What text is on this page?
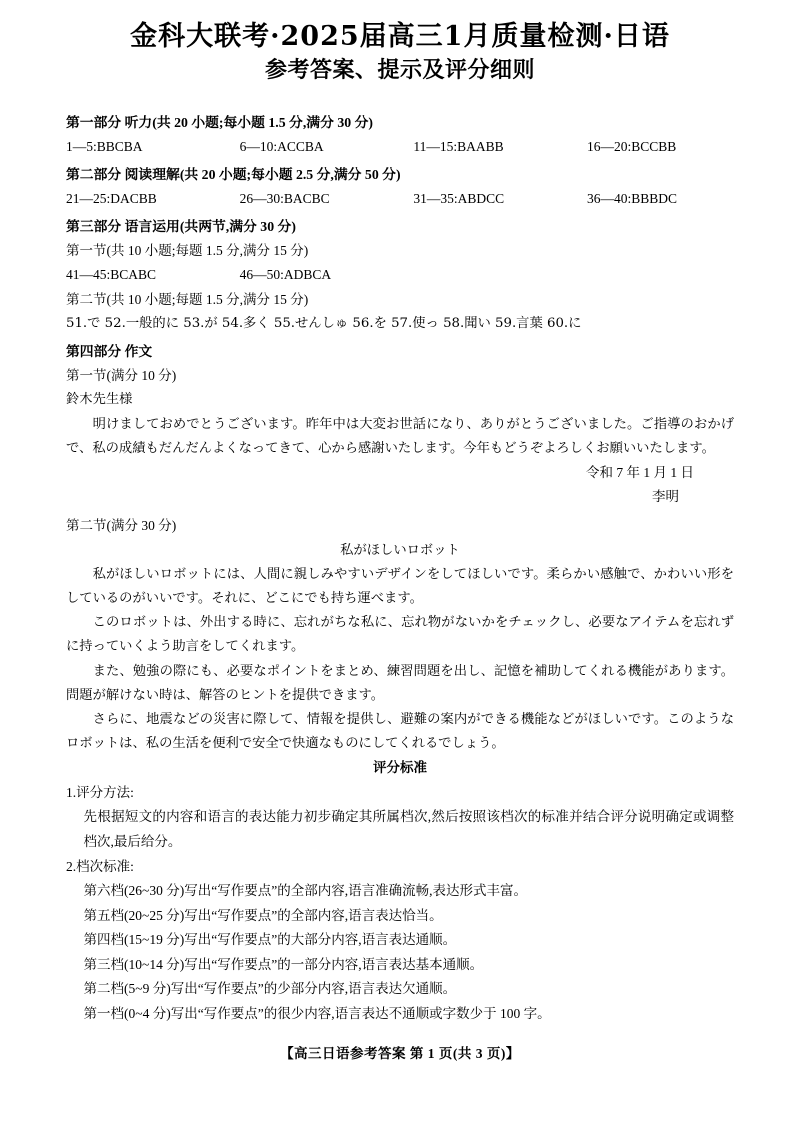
金科大联考·2025届高三1月质量检测·日语
参考答案、提示及评分细则
第一部分 听力(共 20 小题;每小题 1.5 分,满分 30 分)
1—5:BBCBA	6—10:ACCBA	11—15:BAABB	16—20:BCCBB
第二部分 阅读理解(共 20 小题;每小题 2.5 分,满分 50 分)
21—25:DACBB	26—30:BACBC	31—35:ABDCC	36—40:BBBDC
第三部分 语言运用(共两节,满分 30 分)
第一节(共 10 小题;每题 1.5 分,满分 15 分)
41—45:BCABC	46—50:ADBCA
第二节(共 10 小题;每题 1.5 分,满分 15 分)
51.で 52.一般的に 53.が 54.多く 55.せんしゅ 56.を 57.使っ 58.聞い 59.言葉 60.に
第四部分 作文
第一节(满分 10 分)
鈴木先生様
明けましておめでとうございます。昨年中は大変お世話になり、ありがとうございました。ご指導のおかげで、私の成績もだんだんよくなってきて、心から感謝いたします。今年もどうぞよろしくお願いいたします。
令和 7 年 1 月 1 日
李明
第二节(满分 30 分)
私がほしいロボット
私がほしいロボットには、人間に親しみやすいデザインをしてほしいです。柔らかい感触で、かわいい形をしているのがいいです。それに、どこにでも持ち運べます。
このロボットは、外出する時に、忘れがちな私に、忘れ物がないかをチェックし、必要なアイテムを忘れずに持っていくよう助言をしてくれます。
また、勉強の際にも、必要なポイントをまとめ、練習問題を出し、記憶を補助してくれる機能があります。問題が解けない時は、解答のヒントを提供できます。
さらに、地震などの災害に際して、情報を提供し、避難の案内ができる機能などがほしいです。このようなロボットは、私の生活を便利で安全で快適なものにしてくれるでしょう。
评分标准
1.评分方法:
先根据短文的内容和语言的表达能力初步确定其所属档次,然后按照该档次的标准并结合评分说明确定或调整档次,最后给分。
2.档次标准:
第六档(26~30 分)写出“写作要点”的全部内容,语言准确流畅,表达形式丰富。
第五档(20~25 分)写出“写作要点”的全部内容,语言表达恰当。
第四档(15~19 分)写出“写作要点”的大部分内容,语言表达通顺。
第三档(10~14 分)写出“写作要点”的一部分内容,语言表达基本通顺。
第二档(5~9 分)写出“写作要点”的少部分内容,语言表达欠通顺。
第一档(0~4 分)写出“写作要点”的很少内容,语言表达不通顺或字数少于 100 字。
【高三日语参考答案 第 1 页(共 3 页)】
